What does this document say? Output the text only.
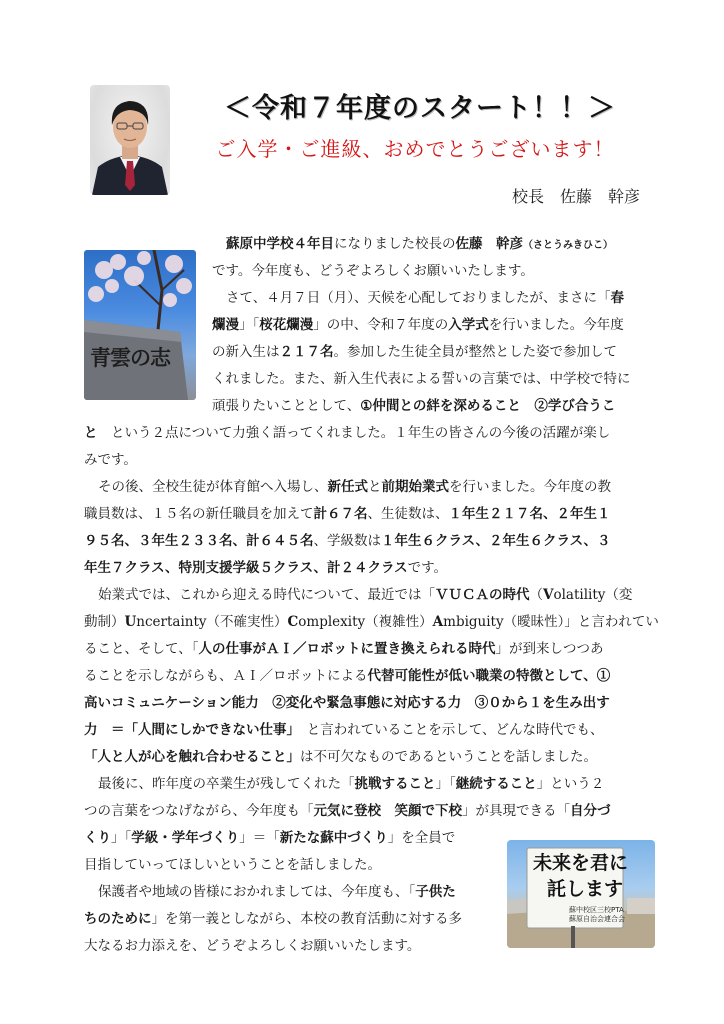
＜令和７年度のスタート！！＞
ご入学・ご進級、おめでとうございます！
校長　佐藤　幹彦
青雲の志
未来を君に
託します
蘇中校区三校PTA
蘇原自治会連合会
蘇原中学校４年目になりました校長の佐藤　幹彦（さとうみきひこ）
です。今年度も、どうぞよろしくお願いいたします。
さて、４月７日（月）、天候を心配しておりましたが、まさに「春
爛漫」「桜花爛漫」の中、令和７年度の入学式を行いました。今年度
の新入生は２１７名。参加した生徒全員が整然とした姿で参加して
くれました。また、新入生代表による誓いの言葉では、中学校で特に
頑張りたいこととして、①仲間との絆を深めること　②学び合うこ
と　という２点について力強く語ってくれました。１年生の皆さんの今後の活躍が楽し
みです。
その後、全校生徒が体育館へ入場し、新任式と前期始業式を行いました。今年度の教
職員数は、１５名の新任職員を加えて計６７名、生徒数は、１年生２１７名、２年生１
９５名、３年生２３３名、計６４５名、学級数は１年生６クラス、２年生６クラス、３
年生７クラス、特別支援学級５クラス、計２４クラスです。
始業式では、これから迎える時代について、最近では「ＶＵＣＡの時代（Volatility（変
動制）Uncertainty（不確実性）Complexity（複雑性）Ambiguity（曖昧性）」と言われてい
ること、そして、「人の仕事がＡＩ／ロボットに置き換えられる時代」が到来しつつあ
ることを示しながらも、ＡＩ／ロボットによる代替可能性が低い職業の特徴として、①
高いコミュニケーション能力　②変化や緊急事態に対応する力　③０から１を生み出す
力　＝「人間にしかできない仕事」　と言われていることを示して、どんな時代でも、
「人と人が心を触れ合わせること」は不可欠なものであるということを話しました。
最後に、昨年度の卒業生が残してくれた「挑戦すること」「継続すること」という２
つの言葉をつなげながら、今年度も「元気に登校　笑顔で下校」が具現できる「自分づ
くり」「学級・学年づくり」＝「新たな蘇中づくり」を全員で
目指していってほしいということを話しました。
保護者や地域の皆様におかれましては、今年度も、「子供た
ちのために」を第一義としながら、本校の教育活動に対する多
大なるお力添えを、どうぞよろしくお願いいたします。
